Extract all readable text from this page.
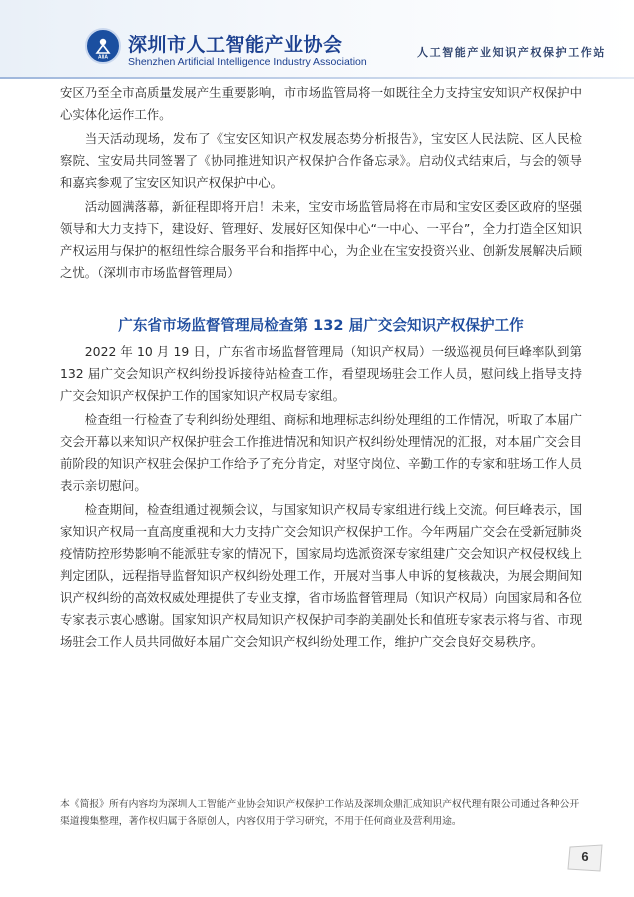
AIIA
深圳市人工智能产业协会
Shenzhen Artificial Intelligence Industry Association
人工智能产业知识产权保护工作站

安区乃至全市高质量发展产生重要影响，市市场监管局将一如既往全力支持宝安知识产权保护中心实体化运作工作。

当天活动现场，发布了《宝安区知识产权发展态势分析报告》，宝安区人民法院、区人民检察院、宝安局共同签署了《协同推进知识产权保护合作备忘录》。启动仪式结束后，与会的领导和嘉宾参观了宝安区知识产权保护中心。

活动圆满落幕，新征程即将开启！未来，宝安市场监管局将在市局和宝安区委区政府的坚强领导和大力支持下，建设好、管理好、发展好区知保中心“一中心、一平台”，全力打造全区知识产权运用与保护的枢纽性综合服务平台和指挥中心，为企业在宝安投资兴业、创新发展解决后顾之忧。（深圳市市场监督管理局）

广东省市场监督管理局检查第 132 届广交会知识产权保护工作

2022 年 10 月 19 日，广东省市场监督管理局（知识产权局）一级巡视员何巨峰率队到第 132 届广交会知识产权纠纷投诉接待站检查工作，看望现场驻会工作人员，慰问线上指导支持广交会知识产权保护工作的国家知识产权局专家组。

检查组一行检查了专利纠纷处理组、商标和地理标志纠纷处理组的工作情况，听取了本届广交会开幕以来知识产权保护驻会工作推进情况和知识产权纠纷处理情况的汇报，对本届广交会目前阶段的知识产权驻会保护工作给予了充分肯定，对坚守岗位、辛勤工作的专家和驻场工作人员表示亲切慰问。

检查期间，检查组通过视频会议，与国家知识产权局专家组进行线上交流。何巨峰表示，国家知识产权局一直高度重视和大力支持广交会知识产权保护工作。今年两届广交会在受新冠肺炎疫情防控形势影响不能派驻专家的情况下，国家局均选派资深专家组建广交会知识产权侵权线上判定团队，远程指导监督知识产权纠纷处理工作，开展对当事人申诉的复核裁决，为展会期间知识产权纠纷的高效权威处理提供了专业支撑，省市场监督管理局（知识产权局）向国家局和各位专家表示衷心感谢。国家知识产权局知识产权保护司李韵美副处长和值班专家表示将与省、市现场驻会工作人员共同做好本届广交会知识产权纠纷处理工作，维护广交会良好交易秩序。

本《简报》所有内容均为深圳人工智能产业协会知识产权保护工作站及深圳众鼎汇成知识产权代理有限公司通过各种公开渠道搜集整理，著作权归属于各原创人，内容仅用于学习研究，不用于任何商业及营利用途。
6
